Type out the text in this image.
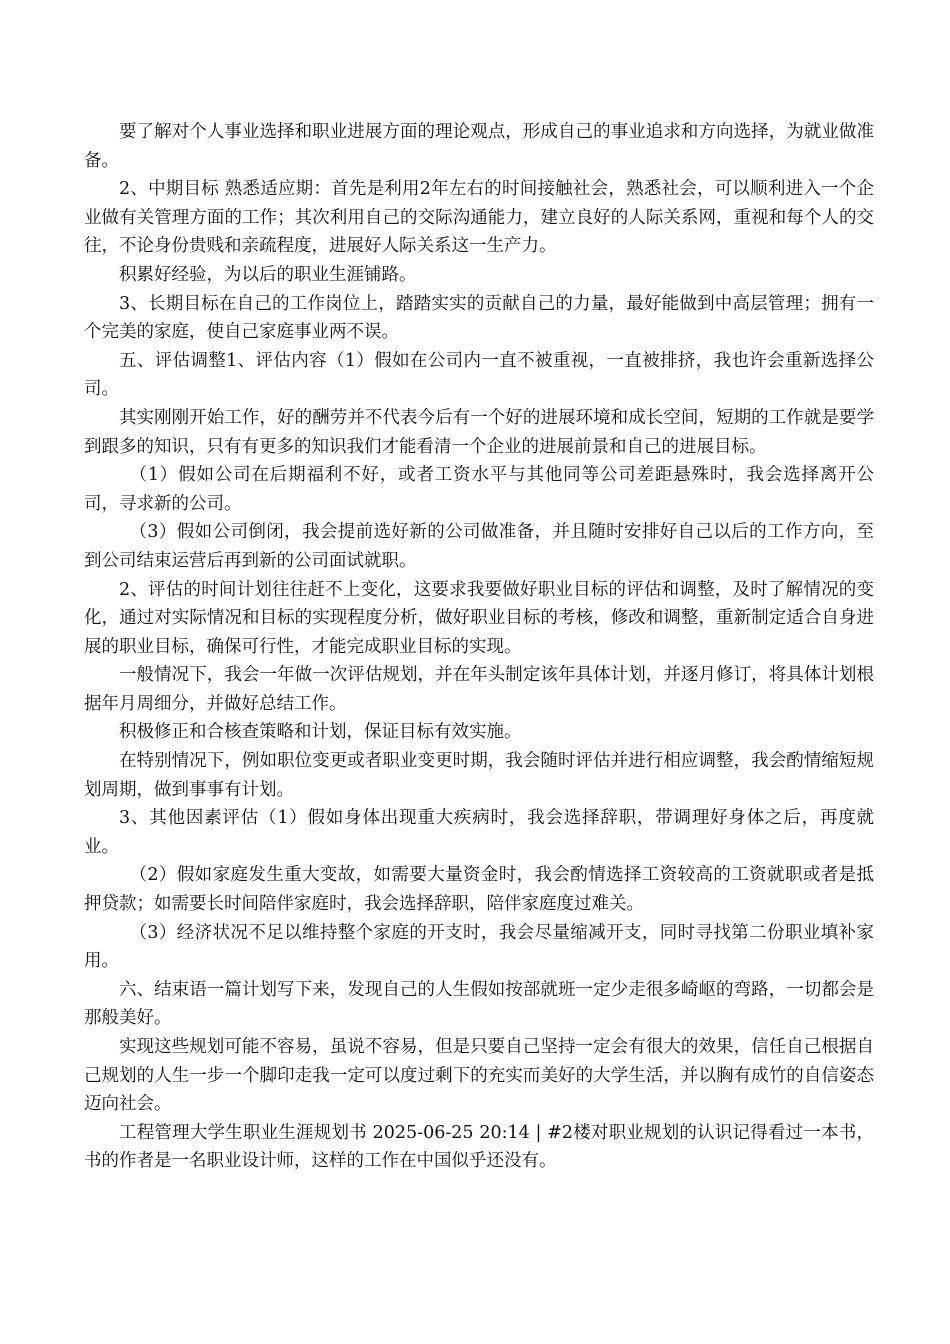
要了解对个人事业选择和职业进展方面的理论观点，形成自己的事业追求和方向选择，为就业做准备。

2、中期目标 熟悉适应期：首先是利用2年左右的时间接触社会，熟悉社会，可以顺利进入一个企业做有关管理方面的工作；其次利用自己的交际沟通能力，建立良好的人际关系网，重视和每个人的交往，不论身份贵贱和亲疏程度，进展好人际关系这一生产力。

积累好经验，为以后的职业生涯铺路。

3、长期目标在自己的工作岗位上，踏踏实实的贡献自己的力量，最好能做到中高层管理；拥有一个完美的家庭，使自己家庭事业两不误。

五、评估调整1、评估内容（1）假如在公司内一直不被重视，一直被排挤，我也许会重新选择公司。

其实刚刚开始工作，好的酬劳并不代表今后有一个好的进展环境和成长空间，短期的工作就是要学到跟多的知识，只有有更多的知识我们才能看清一个企业的进展前景和自己的进展目标。

（1）假如公司在后期福利不好，或者工资水平与其他同等公司差距悬殊时，我会选择离开公司，寻求新的公司。

（3）假如公司倒闭，我会提前选好新的公司做准备，并且随时安排好自己以后的工作方向，至到公司结束运营后再到新的公司面试就职。

2、评估的时间计划往往赶不上变化，这要求我要做好职业目标的评估和调整，及时了解情况的变化，通过对实际情况和目标的实现程度分析，做好职业目标的考核，修改和调整，重新制定适合自身进展的职业目标，确保可行性，才能完成职业目标的实现。

一般情况下，我会一年做一次评估规划，并在年头制定该年具体计划，并逐月修订，将具体计划根据年月周细分，并做好总结工作。

积极修正和合核查策略和计划，保证目标有效实施。

在特别情况下，例如职位变更或者职业变更时期，我会随时评估并进行相应调整，我会酌情缩短规划周期，做到事事有计划。

3、其他因素评估（1）假如身体出现重大疾病时，我会选择辞职，带调理好身体之后，再度就业。

（2）假如家庭发生重大变故，如需要大量资金时，我会酌情选择工资较高的工资就职或者是抵押贷款；如需要长时间陪伴家庭时，我会选择辞职，陪伴家庭度过难关。

（3）经济状况不足以维持整个家庭的开支时，我会尽量缩减开支，同时寻找第二份职业填补家用。

六、结束语一篇计划写下来，发现自己的人生假如按部就班一定少走很多崎岖的弯路，一切都会是那般美好。

实现这些规划可能不容易，虽说不容易，但是只要自己坚持一定会有很大的效果，信任自己根据自己规划的人生一步一个脚印走我一定可以度过剩下的充实而美好的大学生活，并以胸有成竹的自信姿态迈向社会。

工程管理大学生职业生涯规划书 2025-06-25 20:14 | #2楼对职业规划的认识记得看过一本书，书的作者是一名职业设计师，这样的工作在中国似乎还没有。
